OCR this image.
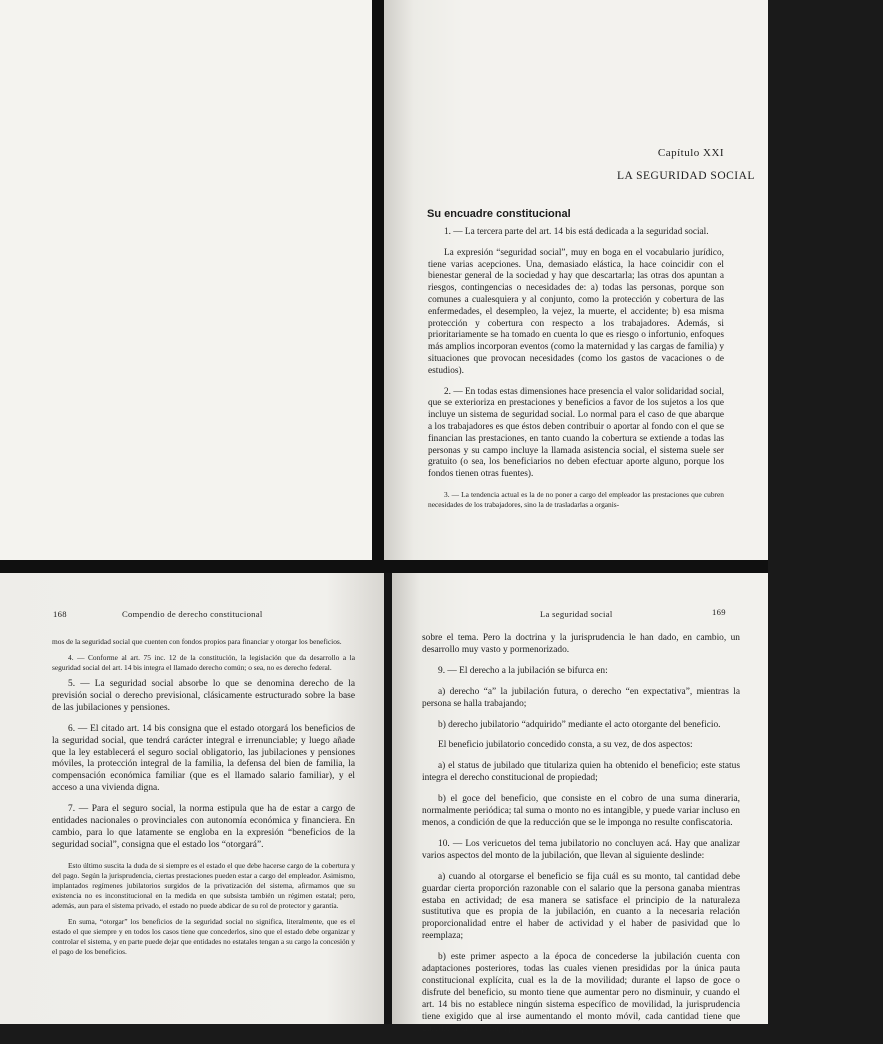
Capítulo XXI
LA SEGURIDAD SOCIAL
Su encuadre constitucional

1. — La tercera parte del art. 14 bis está dedicada a la seguridad social.

La expresión “seguridad social”, muy en boga en el vocabulario jurídico, tiene varias acepciones. Una, demasiado elástica, la hace coincidir con el bienestar general de la sociedad y hay que descartarla; las otras dos apuntan a riesgos, contingencias o necesidades de: a) todas las personas, porque son comunes a cualesquiera y al conjunto, como la protección y cobertura de las enfermedades, el desempleo, la vejez, la muerte, el accidente; b) esa misma protección y cobertura con respecto a los trabajadores. Además, si prioritariamente se ha tomado en cuenta lo que es riesgo o infortunio, enfoques más amplios incorporan eventos (como la maternidad y las cargas de familia) y situaciones que provocan necesidades (como los gastos de vacaciones o de estudios).

2. — En todas estas dimensiones hace presencia el valor solidaridad social, que se exterioriza en prestaciones y beneficios a favor de los sujetos a los que incluye un sistema de seguridad social. Lo normal para el caso de que abarque a los trabajadores es que éstos deben contribuir o aportar al fondo con el que se financian las prestaciones, en tanto cuando la cobertura se extiende a todas las personas y su campo incluye la llamada asistencia social, el sistema suele ser gratuito (o sea, los beneficiarios no deben efectuar aporte alguno, porque los fondos tienen otras fuentes).

3. — La tendencia actual es la de no poner a cargo del empleador las prestaciones que cubren necesidades de los trabajadores, sino la de trasladarlas a organis-

168	Compendio de derecho constitucional

mos de la seguridad social que cuenten con fondos propios para financiar y otorgar los beneficios.

4. — Conforme al art. 75 inc. 12 de la constitución, la legislación que da desarrollo a la seguridad social del art. 14 bis integra el llamado derecho común; o sea, no es derecho federal.

5. — La seguridad social absorbe lo que se denomina derecho de la previsión social o derecho previsional, clásicamente estructurado sobre la base de las jubilaciones y pensiones.

6. — El citado art. 14 bis consigna que el estado otorgará los beneficios de la seguridad social, que tendrá carácter integral e irrenunciable; y luego añade que la ley establecerá el seguro social obligatorio, las jubilaciones y pensiones móviles, la protección integral de la familia, la defensa del bien de familia, la compensación económica familiar (que es el llamado salario familiar), y el acceso a una vivienda digna.

7. — Para el seguro social, la norma estipula que ha de estar a cargo de entidades nacionales o provinciales con autonomía económica y financiera. En cambio, para lo que latamente se engloba en la expresión “beneficios de la seguridad social”, consigna que el estado los “otorgará”.

Esto último suscita la duda de si siempre es el estado el que debe hacerse cargo de la cobertura y del pago. Según la jurisprudencia, ciertas prestaciones pueden estar a cargo del empleador. Asimismo, implantados regímenes jubilatorios surgidos de la privatización del sistema, afirmamos que su existencia no es inconstitucional en la medida en que subsista también un régimen estatal; pero, además, aun para el sistema privado, el estado no puede abdicar de su rol de protector y garantía.

En suma, “otorgar” los beneficios de la seguridad social no significa, literalmente, que es el estado el que siempre y en todos los casos tiene que concederlos, sino que el estado debe organizar y controlar el sistema, y en parte puede dejar que entidades no estatales tengan a su cargo la concesión y el pago de los beneficios.

La seguridad social	169

sobre el tema. Pero la doctrina y la jurisprudencia le han dado, en cambio, un desarrollo muy vasto y pormenorizado.

9. — El derecho a la jubilación se bifurca en:

a) derecho “a” la jubilación futura, o derecho “en expectativa”, mientras la persona se halla trabajando;

b) derecho jubilatorio “adquirido” mediante el acto otorgante del beneficio.

El beneficio jubilatorio concedido consta, a su vez, de dos aspectos:

a) el status de jubilado que titulariza quien ha obtenido el beneficio; este status integra el derecho constitucional de propiedad;

b) el goce del beneficio, que consiste en el cobro de una suma dineraria, normalmente periódica; tal suma o monto no es intangible, y puede variar incluso en menos, a condición de que la reducción que se le imponga no resulte confiscatoria.

10. — Los vericuetos del tema jubilatorio no concluyen acá. Hay que analizar varios aspectos del monto de la jubilación, que llevan al siguiente deslinde:

a) cuando al otorgarse el beneficio se fija cuál es su monto, tal cantidad debe guardar cierta proporción razonable con el salario que la persona ganaba mientras estaba en actividad; de esa manera se satisface el principio de la naturaleza sustitutiva que es propia de la jubilación, en cuanto a la necesaria relación proporcionalidad entre el haber de actividad y el haber de pasividad que lo reemplaza;

b) este primer aspecto a la época de concederse la jubilación cuenta con adaptaciones posteriores, todas las cuales vienen presididas por la única pauta constitucional explícita, cual es la de la movilidad; durante el lapso de goce o disfrute del beneficio, su monto tiene que aumentar pero no disminuir, y cuando el art. 14 bis no establece ningún sistema específico de movilidad, la jurisprudencia tiene exigido que al irse aumentando el monto móvil, cada cantidad tiene que guardar a su vez cierta proporción
